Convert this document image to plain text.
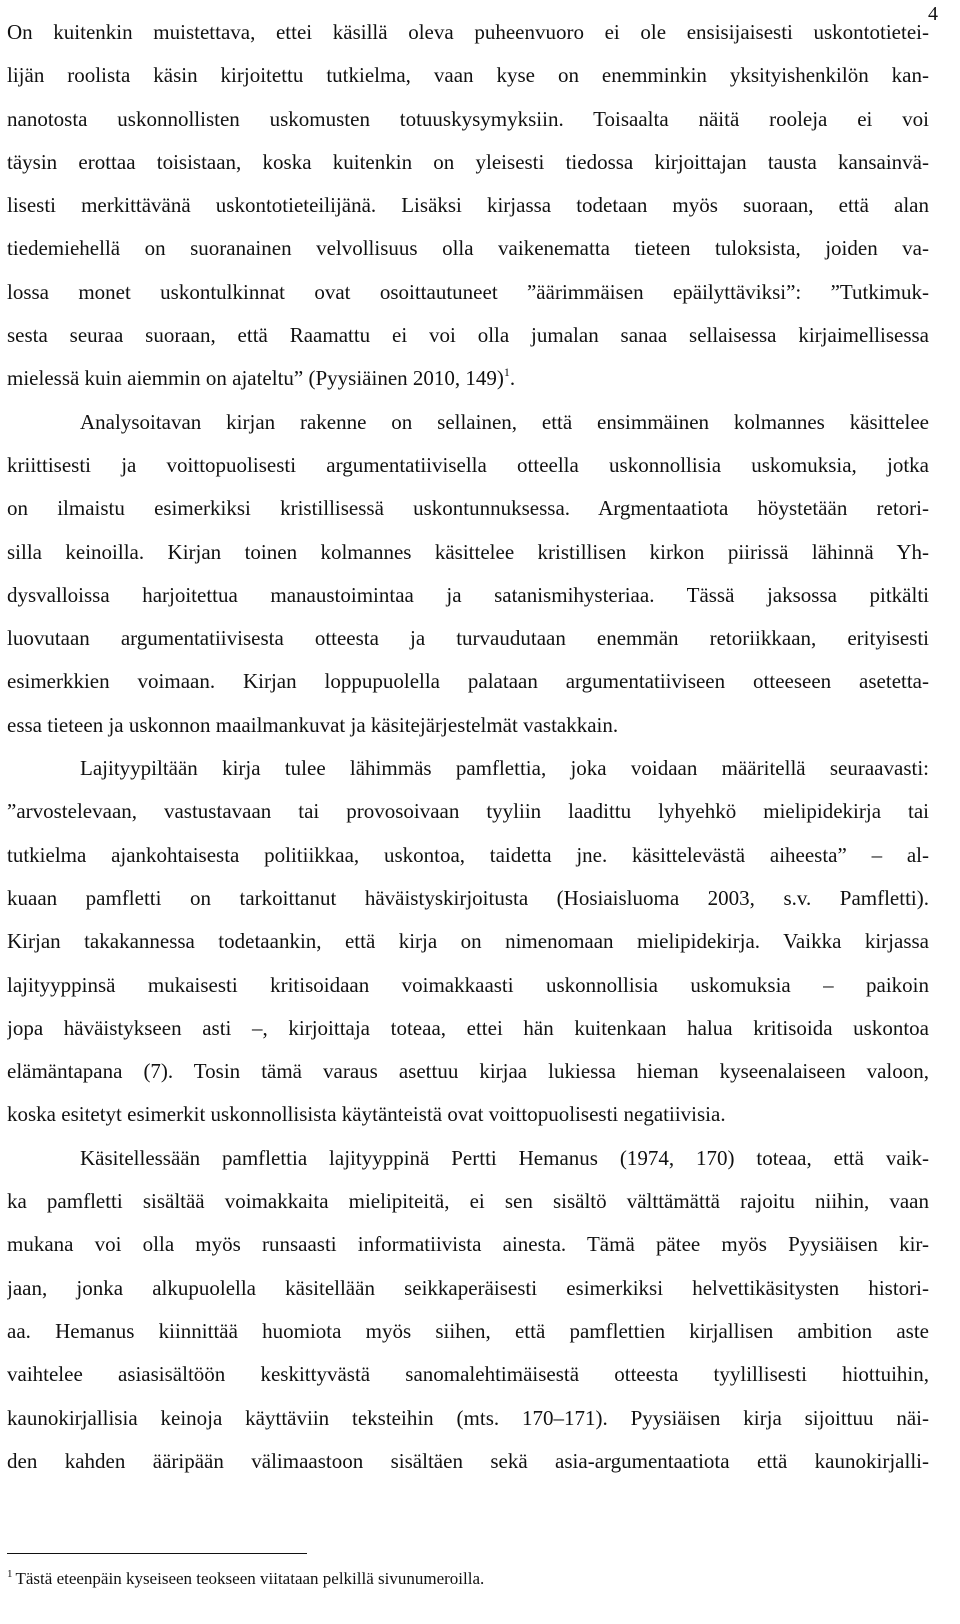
4
On kuitenkin muistettava, ettei käsillä oleva puheenvuoro ei ole ensisijaisesti uskontotietei-
lijän roolista käsin kirjoitettu tutkielma, vaan kyse on enemminkin yksityishenkilön kan-
nanotosta uskonnollisten uskomusten totuuskysymyksiin. Toisaalta näitä rooleja ei voi
täysin erottaa toisistaan, koska kuitenkin on yleisesti tiedossa kirjoittajan tausta kansainvä-
lisesti merkittävänä uskontotieteilijänä. Lisäksi kirjassa todetaan myös suoraan, että alan
tiedemiehellä on suoranainen velvollisuus olla vaikenematta tieteen tuloksista, joiden va-
lossa monet uskontulkinnat ovat osoittautuneet ”äärimmäisen epäilyttäviksi”: ”Tutkimuk-
sesta seuraa suoraan, että Raamattu ei voi olla jumalan sanaa sellaisessa kirjaimellisessa
mielessä kuin aiemmin on ajateltu” (Pyysiäinen 2010, 149)$^1$.
Analysoitavan kirjan rakenne on sellainen, että ensimmäinen kolmannes käsittelee
kriittisesti ja voittopuolisesti argumentatiivisella otteella uskonnollisia uskomuksia, jotka
on ilmaistu esimerkiksi kristillisessä uskontunnuksessa. Argmentaatiota höystetään retori-
silla keinoilla. Kirjan toinen kolmannes käsittelee kristillisen kirkon piirissä lähinnä Yh-
dysvalloissa harjoitettua manaustoimintaa ja satanismihysteriaa. Tässä jaksossa pitkälti
luovutaan argumentatiivisesta otteesta ja turvaudutaan enemmän retoriikkaan, erityisesti
esimerkkien voimaan. Kirjan loppupuolella palataan argumentatiiviseen otteeseen asetetta-
essa tieteen ja uskonnon maailmankuvat ja käsitejärjestelmät vastakkain.
Lajityypiltään kirja tulee lähimmäs pamflettia, joka voidaan määritellä seuraavasti:
”arvostelevaan, vastustavaan tai provosoivaan tyyliin laadittu lyhyehkö mielipidekirja tai
tutkielma ajankohtaisesta politiikkaa, uskontoa, taidetta jne. käsittelevästä aiheesta” – al-
kuaan pamfletti on tarkoittanut häväistyskirjoitusta (Hosiaisluoma 2003, s.v. Pamfletti).
Kirjan takakannessa todetaankin, että kirja on nimenomaan mielipidekirja. Vaikka kirjassa
lajityyppinsä mukaisesti kritisoidaan voimakkaasti uskonnollisia uskomuksia – paikoin
jopa häväistykseen asti –, kirjoittaja toteaa, ettei hän kuitenkaan halua kritisoida uskontoa
elämäntapana (7). Tosin tämä varaus asettuu kirjaa lukiessa hieman kyseenalaiseen valoon,
koska esitetyt esimerkit uskonnollisista käytänteistä ovat voittopuolisesti negatiivisia.
Käsitellessään pamflettia lajityyppinä Pertti Hemanus (1974, 170) toteaa, että vaik-
ka pamfletti sisältää voimakkaita mielipiteitä, ei sen sisältö välttämättä rajoitu niihin, vaan
mukana voi olla myös runsaasti informatiivista ainesta. Tämä pätee myös Pyysiäisen kir-
jaan, jonka alkupuolella käsitellään seikkaperäisesti esimerkiksi helvettikäsitysten histori-
aa. Hemanus kiinnittää huomiota myös siihen, että pamflettien kirjallisen ambition aste
vaihtelee asiasisältöön keskittyvästä sanomalehtimäisestä otteesta tyylillisesti hiottuihin,
kaunokirjallisia keinoja käyttäviin teksteihin (mts. 170–171). Pyysiäisen kirja sijoittuu näi-
den kahden ääripään välimaastoon sisältäen sekä asia-argumentaatiota että kaunokirjalli-
$^1$ Tästä eteenpäin kyseiseen teokseen viitataan pelkillä sivunumeroilla.
